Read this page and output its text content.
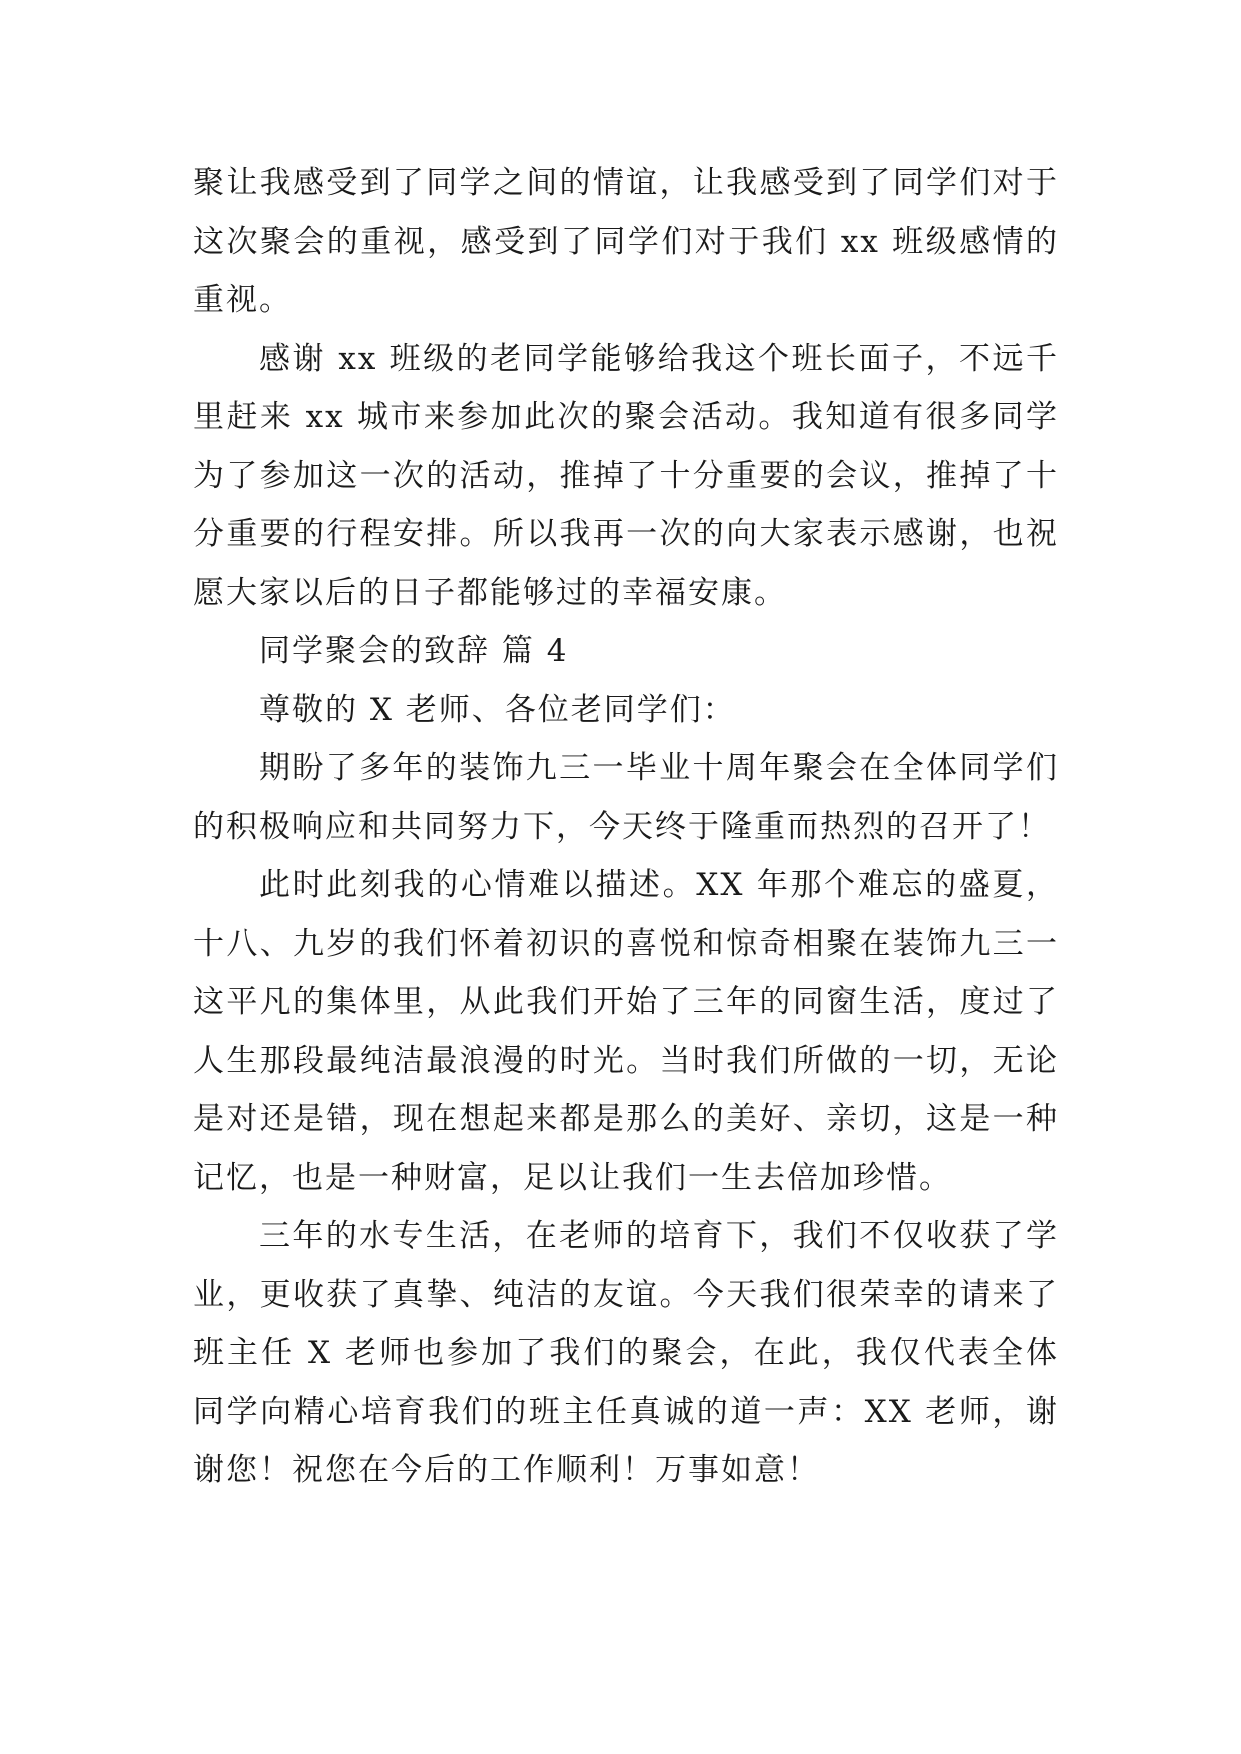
聚让我感受到了同学之间的情谊，让我感受到了同学们对于这次聚会的重视，感受到了同学们对于我们 xx 班级感情的重视。

感谢 xx 班级的老同学能够给我这个班长面子，不远千里赶来 xx 城市来参加此次的聚会活动。我知道有很多同学为了参加这一次的活动，推掉了十分重要的会议，推掉了十分重要的行程安排。所以我再一次的向大家表示感谢，也祝愿大家以后的日子都能够过的幸福安康。

同学聚会的致辞 篇 4

尊敬的 X 老师、各位老同学们：

期盼了多年的装饰九三一毕业十周年聚会在全体同学们的积极响应和共同努力下，今天终于隆重而热烈的召开了！

此时此刻我的心情难以描述。XX 年那个难忘的盛夏，十八、九岁的我们怀着初识的喜悦和惊奇相聚在装饰九三一这平凡的集体里，从此我们开始了三年的同窗生活，度过了人生那段最纯洁最浪漫的时光。当时我们所做的一切，无论是对还是错，现在想起来都是那么的美好、亲切，这是一种记忆，也是一种财富，足以让我们一生去倍加珍惜。

三年的水专生活，在老师的培育下，我们不仅收获了学业，更收获了真挚、纯洁的友谊。今天我们很荣幸的请来了班主任 X 老师也参加了我们的聚会，在此，我仅代表全体同学向精心培育我们的班主任真诚的道一声：XX 老师，谢谢您！祝您在今后的工作顺利！万事如意！
